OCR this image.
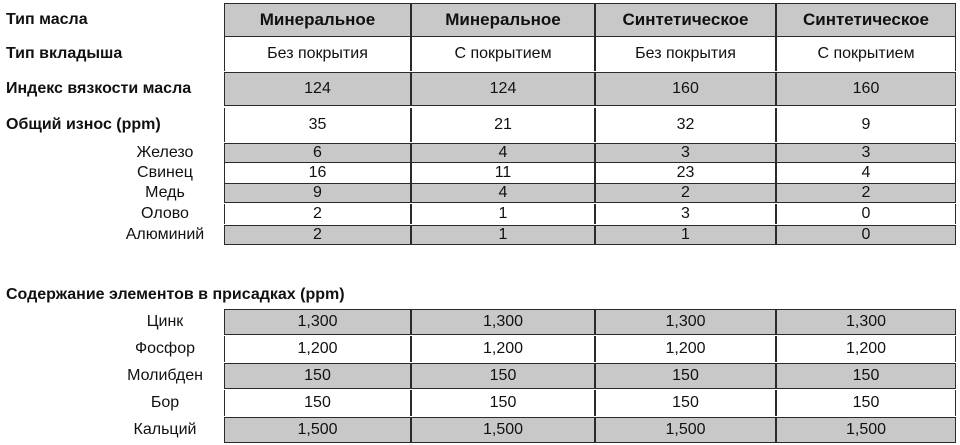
Тип масла	Минеральное	Минеральное	Синтетическое	Синтетическое
Тип вкладыша	Без покрытия	С покрытием	Без покрытия	С покрытием
Индекс вязкости масла	124	124	160	160
Общий износ (ppm)	35	21	32	9
Железо	6	4	3	3
Свинец	16	11	23	4
Медь	9	4	2	2
Олово	2	1	3	0
Алюминий	2	1	1	0
Содержание элементов в присадках (ppm)
Цинк	1,300	1,300	1,300	1,300
Фосфор	1,200	1,200	1,200	1,200
Молибден	150	150	150	150
Бор	150	150	150	150
Кальций	1,500	1,500	1,500	1,500
